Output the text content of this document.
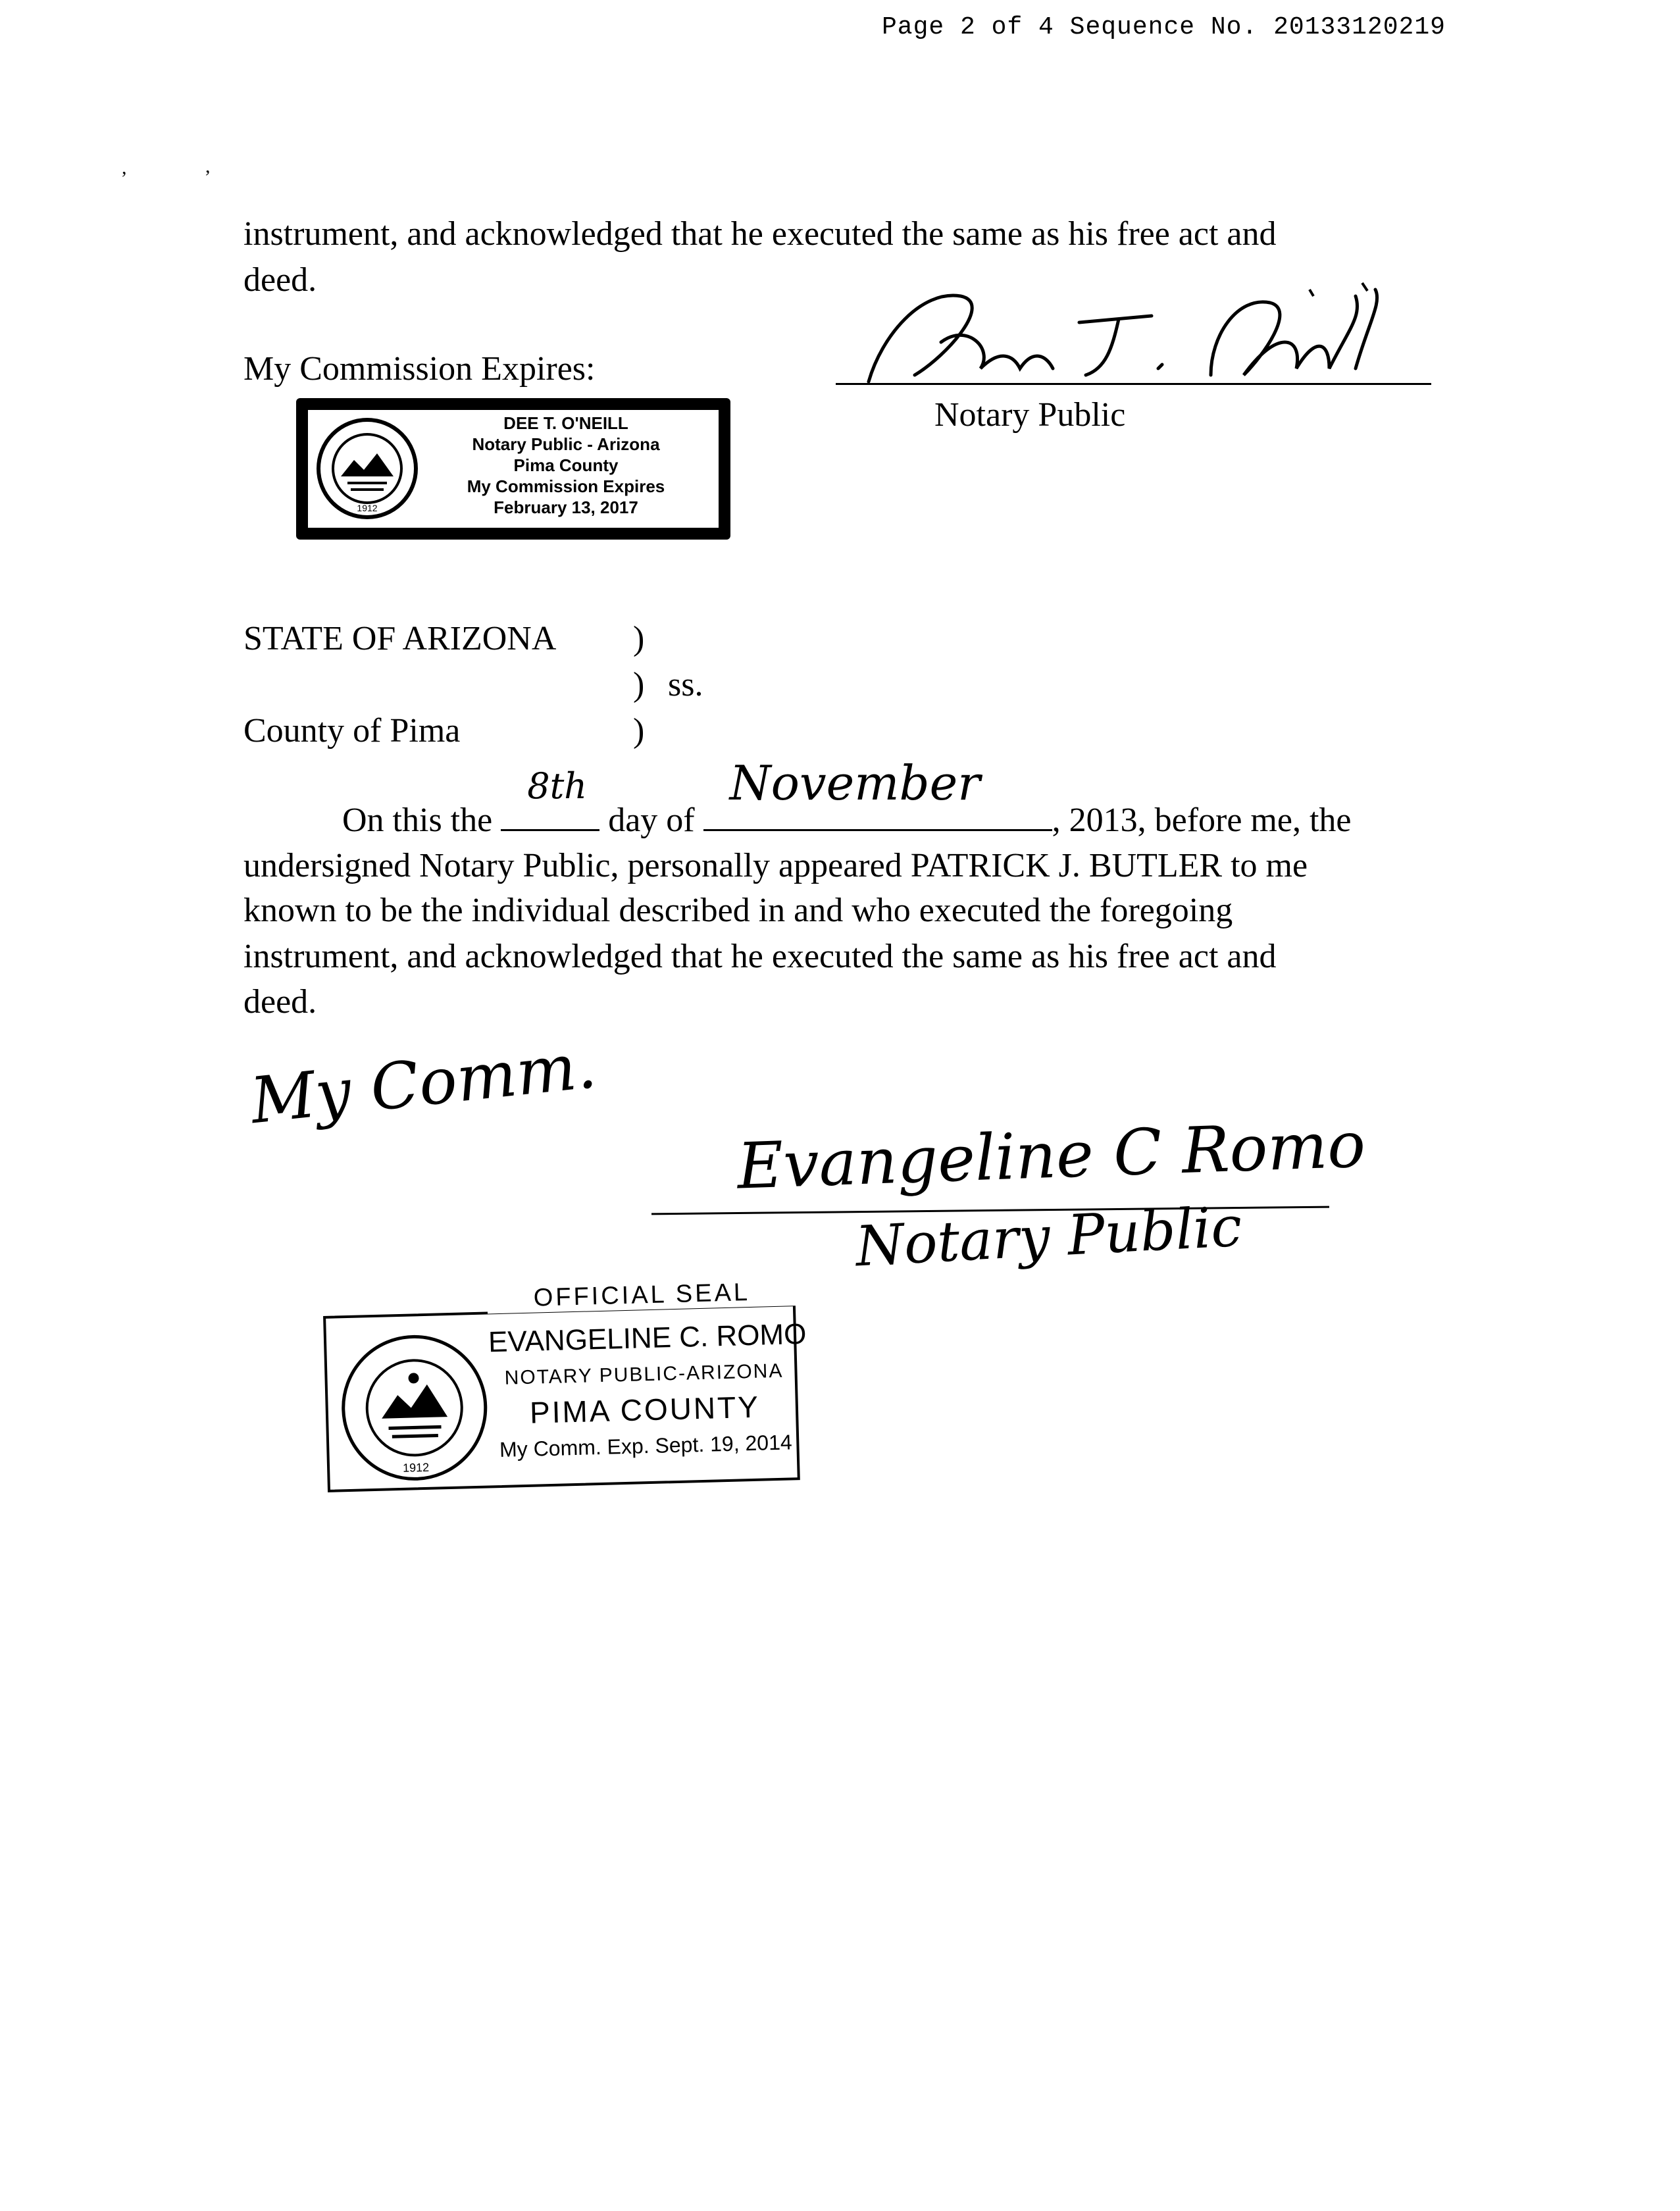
Page 2 of 4 Sequence No. 20133120219
,	,
instrument, and acknowledged that he executed the same as his free act and
deed.
My Commission Expires:
Notary Public
1912
DEE T. O'NEILL
Notary Public - Arizona
Pima County
My Commission Expires
February 13, 2017
STATE OF ARIZONA )
) ss.
County of Pima	)
On this the
8th
day of
November
, 2013, before me, the
undersigned Notary Public, personally appeared PATRICK J. BUTLER to me
known to be the individual described in and who executed the foregoing
instrument, and acknowledged that he executed the same as his free act and
deed.
My Comm.
Evangeline C Romo
Notary Public
1912
OFFICIAL SEAL
EVANGELINE C. ROMO
NOTARY PUBLIC-ARIZONA
PIMA COUNTY
My Comm. Exp. Sept. 19, 2014
